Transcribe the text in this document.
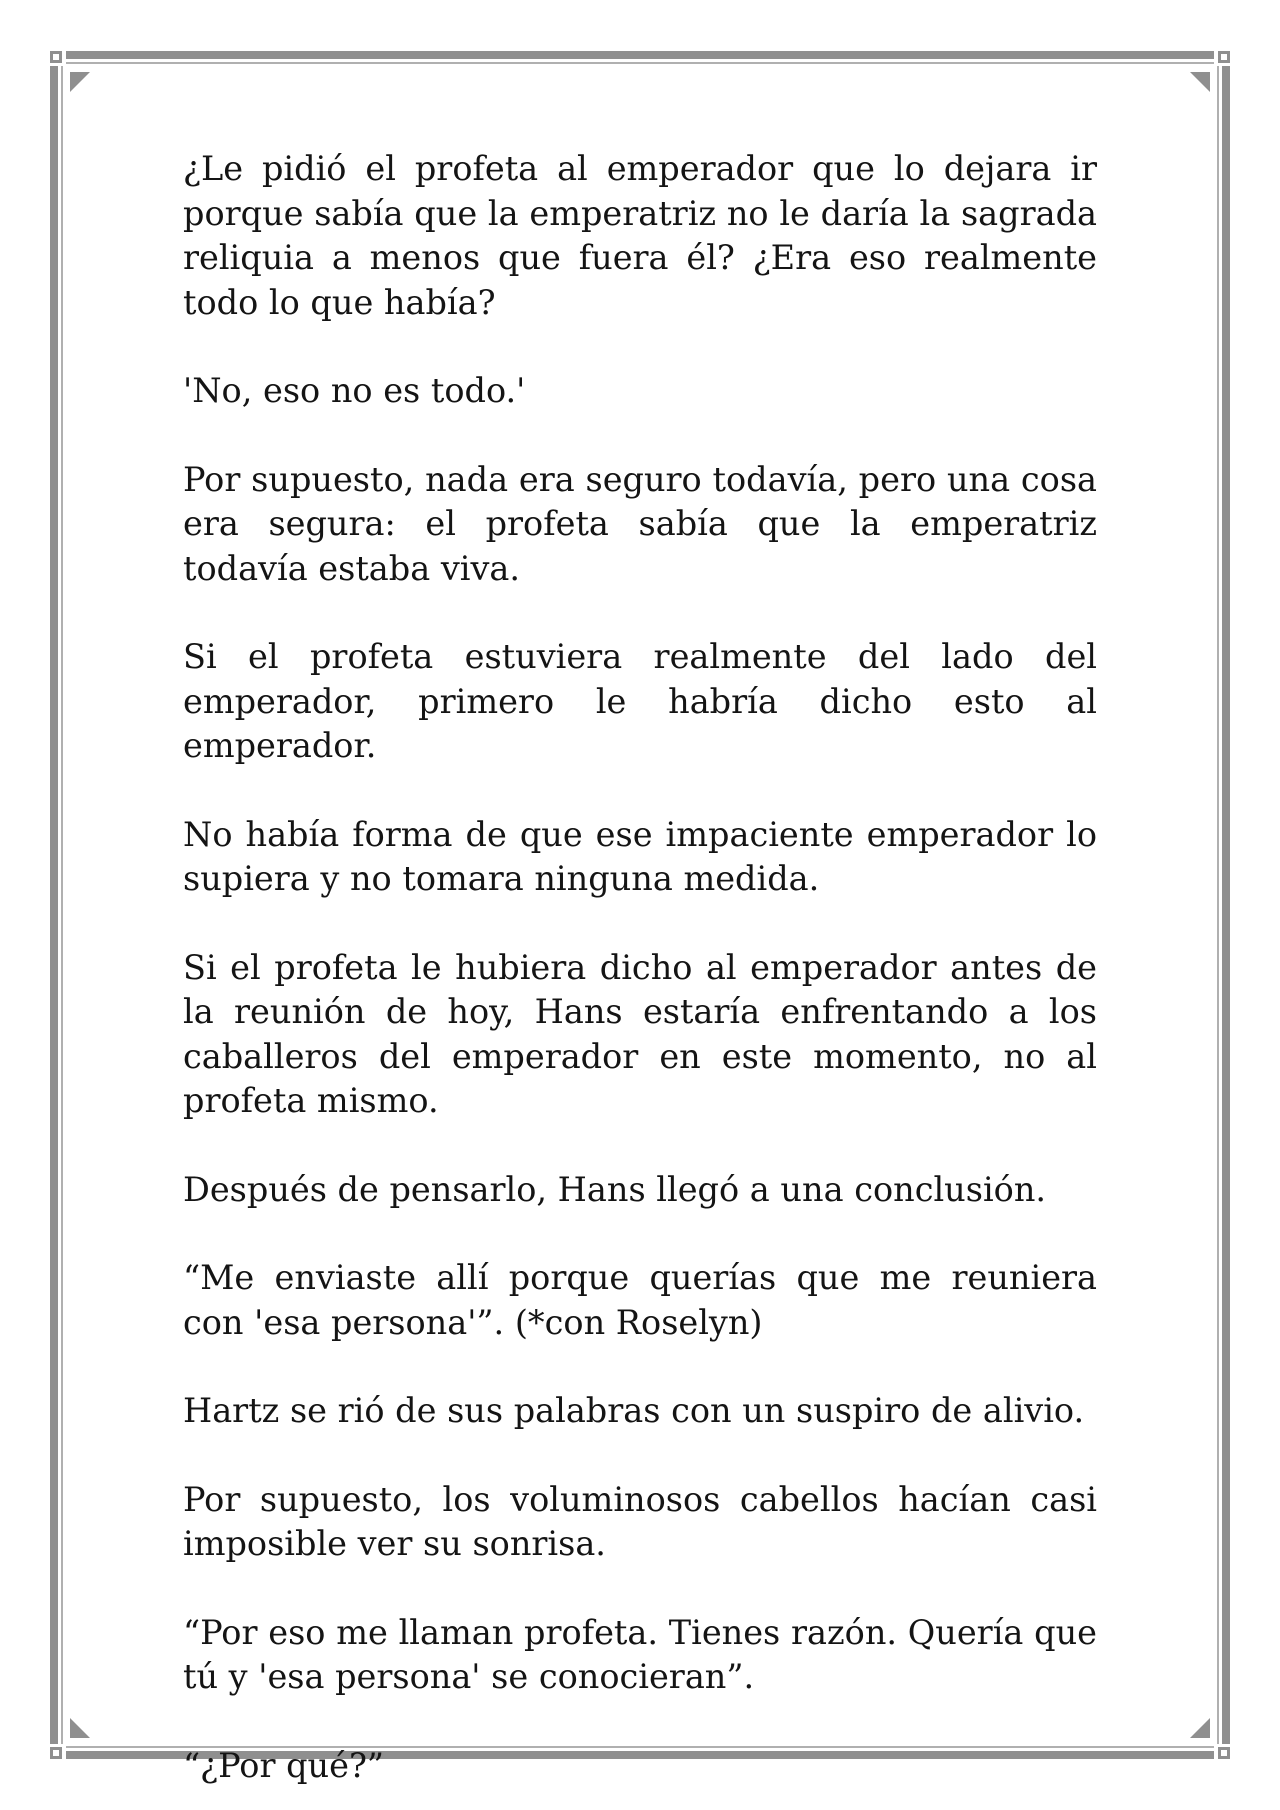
¿Le pidió el profeta al emperador que lo dejara ir porque sabía que la emperatriz no le daría la sagrada reliquia a menos que fuera él? ¿Era eso realmente todo lo que había?

'No, eso no es todo.'

Por supuesto, nada era seguro todavía, pero una cosa era segura: el profeta sabía que la emperatriz todavía estaba viva.

Si el profeta estuviera realmente del lado del emperador, primero le habría dicho esto al emperador.

No había forma de que ese impaciente emperador lo supiera y no tomara ninguna medida.

Si el profeta le hubiera dicho al emperador antes de la reunión de hoy, Hans estaría enfrentando a los caballeros del emperador en este momento, no al profeta mismo.

Después de pensarlo, Hans llegó a una conclusión.

“Me enviaste allí porque querías que me reuniera con 'esa persona'”. (*con Roselyn)

Hartz se rió de sus palabras con un suspiro de alivio.

Por supuesto, los voluminosos cabellos hacían casi imposible ver su sonrisa.

“Por eso me llaman profeta. Tienes razón. Quería que tú y 'esa persona' se conocieran”.

“¿Por qué?”
